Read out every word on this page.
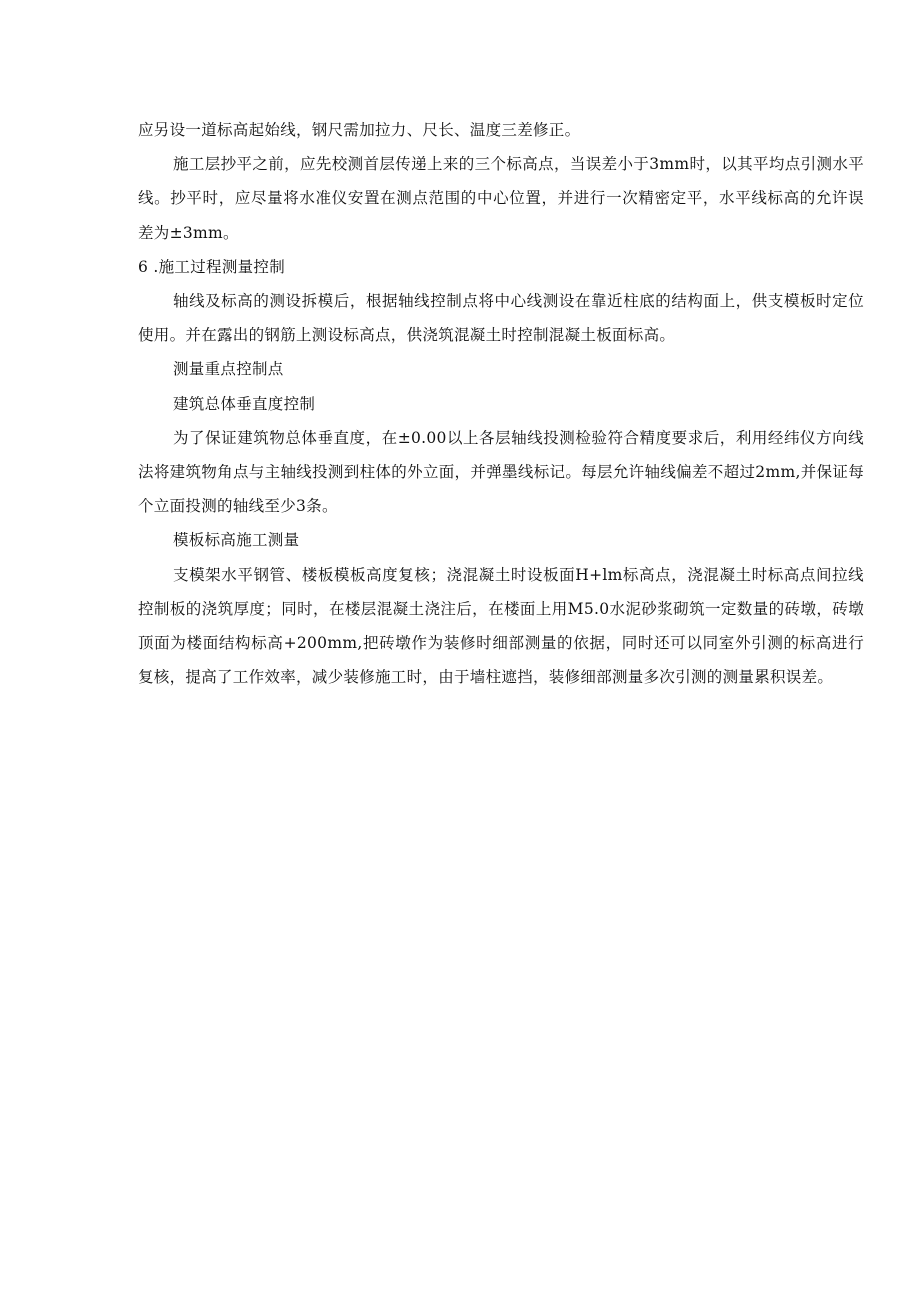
应另设一道标高起始线，钢尺需加拉力、尺长、温度三差修正。

施工层抄平之前，应先校测首层传递上来的三个标高点，当误差小于3mm时，以其平均点引测水平线。抄平时，应尽量将水准仪安置在测点范围的中心位置，并进行一次精密定平，水平线标高的允许误差为±3mm。

6 .施工过程测量控制

轴线及标高的测设拆模后，根据轴线控制点将中心线测设在靠近柱底的结构面上，供支模板时定位使用。并在露出的钢筋上测设标高点，供浇筑混凝土时控制混凝土板面标高。

测量重点控制点

建筑总体垂直度控制

为了保证建筑物总体垂直度，在±0.00以上各层轴线投测检验符合精度要求后，利用经纬仪方向线法将建筑物角点与主轴线投测到柱体的外立面，并弹墨线标记。每层允许轴线偏差不超过2mm,并保证每个立面投测的轴线至少3条。

模板标高施工测量

支模架水平钢管、楼板模板高度复核；浇混凝土时设板面H+lm标高点，浇混凝土时标高点间拉线控制板的浇筑厚度；同时，在楼层混凝土浇注后，在楼面上用M5.0水泥砂浆砌筑一定数量的砖墩，砖墩顶面为楼面结构标高+200mm,把砖墩作为装修时细部测量的依据，同时还可以同室外引测的标高进行复核，提高了工作效率，减少装修施工时，由于墙柱遮挡，装修细部测量多次引测的测量累积误差。
